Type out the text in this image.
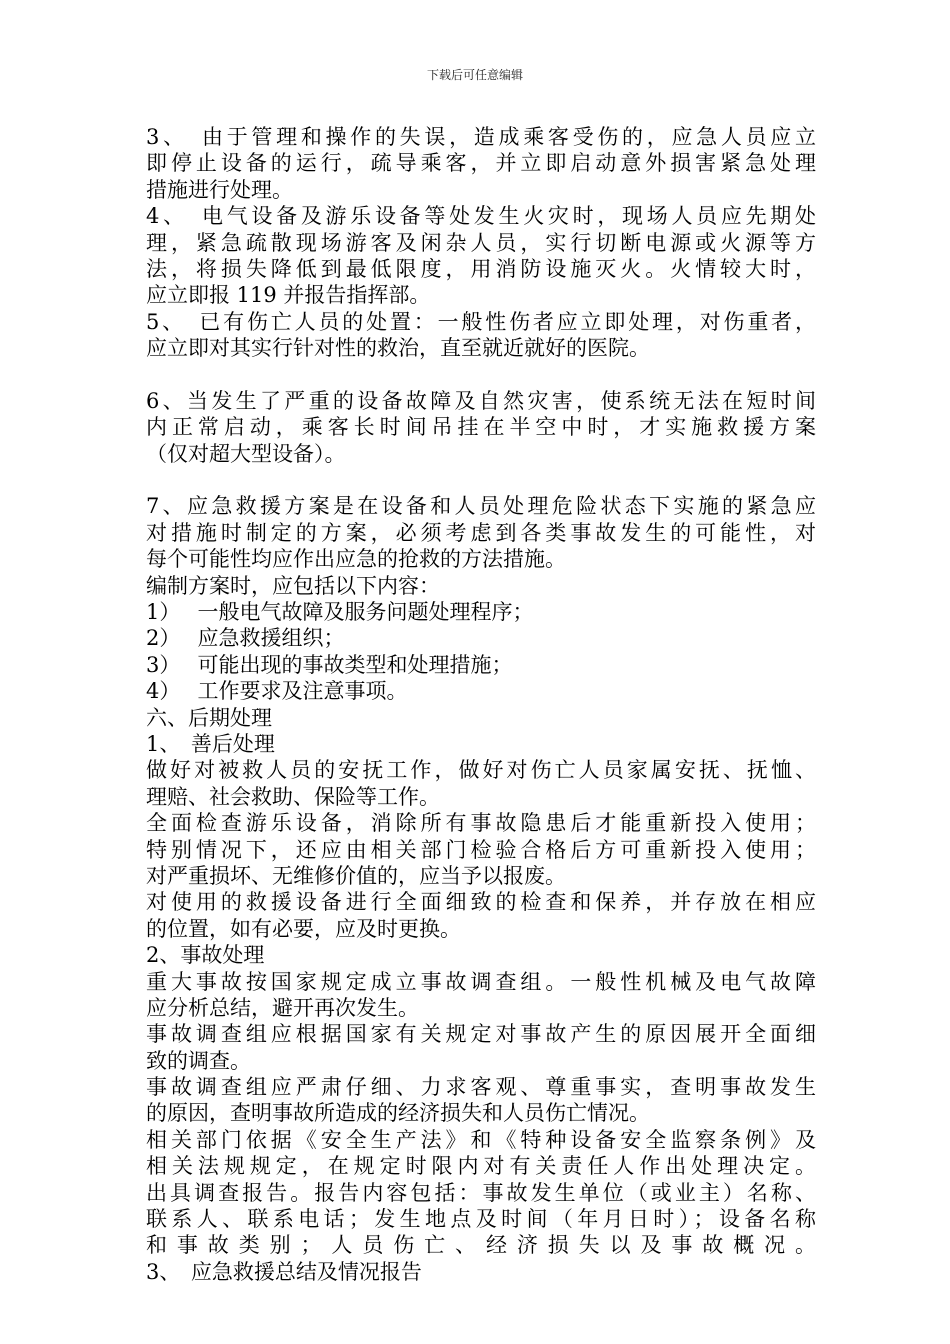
下载后可任意编辑
3、　由于管理和操作的失误，造成乘客受伤的，应急人员应立
即停止设备的运行，疏导乘客，并立即启动意外损害紧急处理
措施进行处理。
4、　电气设备及游乐设备等处发生火灾时，现场人员应先期处
理，紧急疏散现场游客及闲杂人员，实行切断电源或火源等方
法，将损失降低到最低限度，用消防设施灭火。火情较大时，
应立即报 119 并报告指挥部。
5、　已有伤亡人员的处置：一般性伤者应立即处理，对伤重者，
应立即对其实行针对性的救治，直至就近就好的医院。
6、当发生了严重的设备故障及自然灾害，使系统无法在短时间
内正常启动，乘客长时间吊挂在半空中时，才实施救援方案
（仅对超大型设备）。
7、应急救援方案是在设备和人员处理危险状态下实施的紧急应
对措施时制定的方案，必须考虑到各类事故发生的可能性，对
每个可能性均应作出应急的抢救的方法措施。
编制方案时，应包括以下内容：
1）　 一般电气故障及服务问题处理程序；
2）　 应急救援组织；
3）　 可能出现的事故类型和处理措施；
4）　 工作要求及注意事项。
六、后期处理
1、　善后处理
做好对被救人员的安抚工作，做好对伤亡人员家属安抚、抚恤、
理赔、社会救助、保险等工作。
全面检查游乐设备，消除所有事故隐患后才能重新投入使用；
特别情况下，还应由相关部门检验合格后方可重新投入使用；
对严重损坏、无维修价值的，应当予以报废。
对使用的救援设备进行全面细致的检查和保养，并存放在相应
的位置，如有必要，应及时更换。
2、事故处理
重大事故按国家规定成立事故调查组。一般性机械及电气故障
应分析总结，避开再次发生。
事故调查组应根据国家有关规定对事故产生的原因展开全面细
致的调查。
事故调查组应严肃仔细、力求客观、尊重事实，查明事故发生
的原因，查明事故所造成的经济损失和人员伤亡情况。
相关部门依据《安全生产法》和《特种设备安全监察条例》及
相关法规规定，在规定时限内对有关责任人作出处理决定。
出具调查报告。报告内容包括：事故发生单位（或业主）名称、
联系人、联系电话；发生地点及时间（年月日时）；设备名称
和事故类别；人员伤亡、经济损失以及事故概况。
3、　应急救援总结及情况报告
